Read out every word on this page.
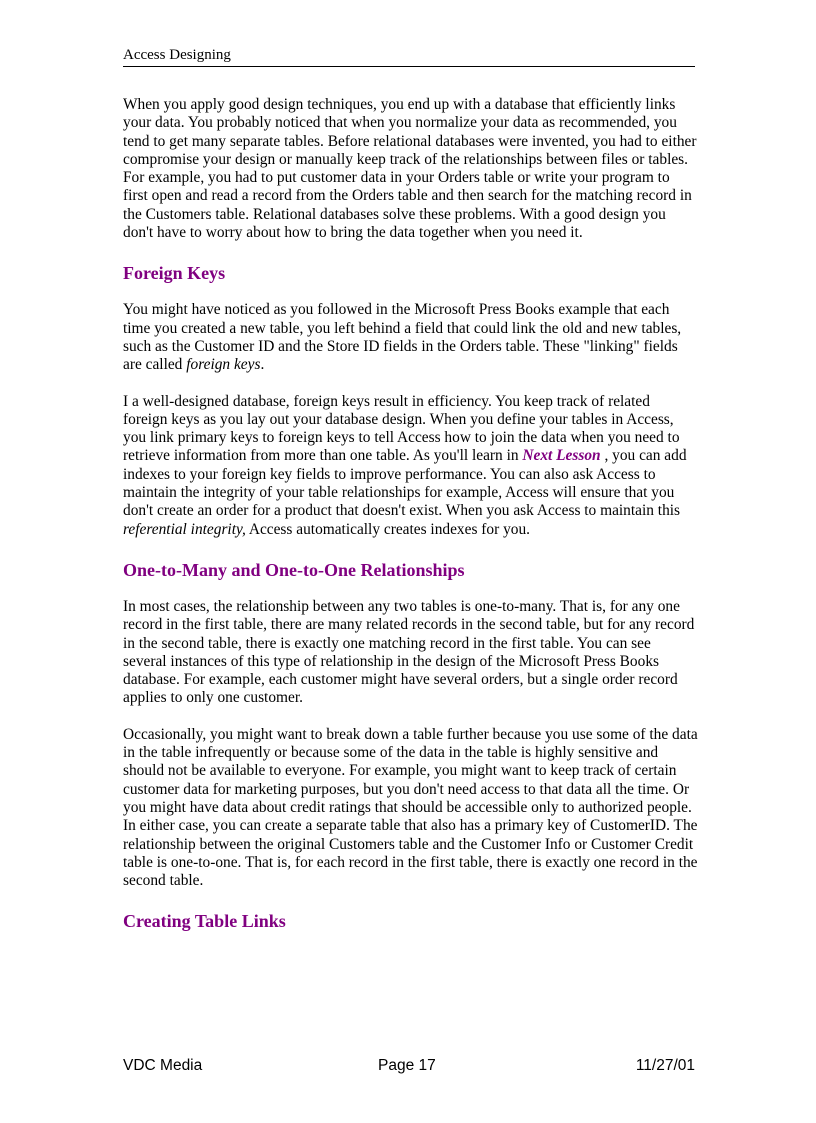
Access Designing

When you apply good design techniques, you end up with a database that efficiently links your data. You probably noticed that when you normalize your data as recommended, you tend to get many separate tables. Before relational databases were invented, you had to either compromise your design or manually keep track of the relationships between files or tables. For example, you had to put customer data in your Orders table or write your program to first open and read a record from the Orders table and then search for the matching record in the Customers table. Relational databases solve these problems. With a good design you don't have to worry about how to bring the data together when you need it.

Foreign Keys

You might have noticed as you followed in the Microsoft Press Books example that each time you created a new table, you left behind a field that could link the old and new tables, such as the Customer ID and the Store ID fields in the Orders table. These "linking" fields are called foreign keys.

I a well-designed database, foreign keys result in efficiency. You keep track of related foreign keys as you lay out your database design. When you define your tables in Access, you link primary keys to foreign keys to tell Access how to join the data when you need to retrieve information from more than one table. As you'll learn in Next Lesson , you can add indexes to your foreign key fields to improve performance. You can also ask Access to maintain the integrity of your table relationships for example, Access will ensure that you don't create an order for a product that doesn't exist. When you ask Access to maintain this referential integrity, Access automatically creates indexes for you.

One-to-Many and One-to-One Relationships

In most cases, the relationship between any two tables is one-to-many. That is, for any one record in the first table, there are many related records in the second table, but for any record in the second table, there is exactly one matching record in the first table. You can see several instances of this type of relationship in the design of the Microsoft Press Books database. For example, each customer might have several orders, but a single order record applies to only one customer.

Occasionally, you might want to break down a table further because you use some of the data in the table infrequently or because some of the data in the table is highly sensitive and should not be available to everyone. For example, you might want to keep track of certain customer data for marketing purposes, but you don't need access to that data all the time. Or you might have data about credit ratings that should be accessible only to authorized people. In either case, you can create a separate table that also has a primary key of CustomerID. The relationship between the original Customers table and the Customer Info or Customer Credit table is one-to-one. That is, for each record in the first table, there is exactly one record in the second table.

Creating Table Links
VDC Media	Page 17	11/27/01
